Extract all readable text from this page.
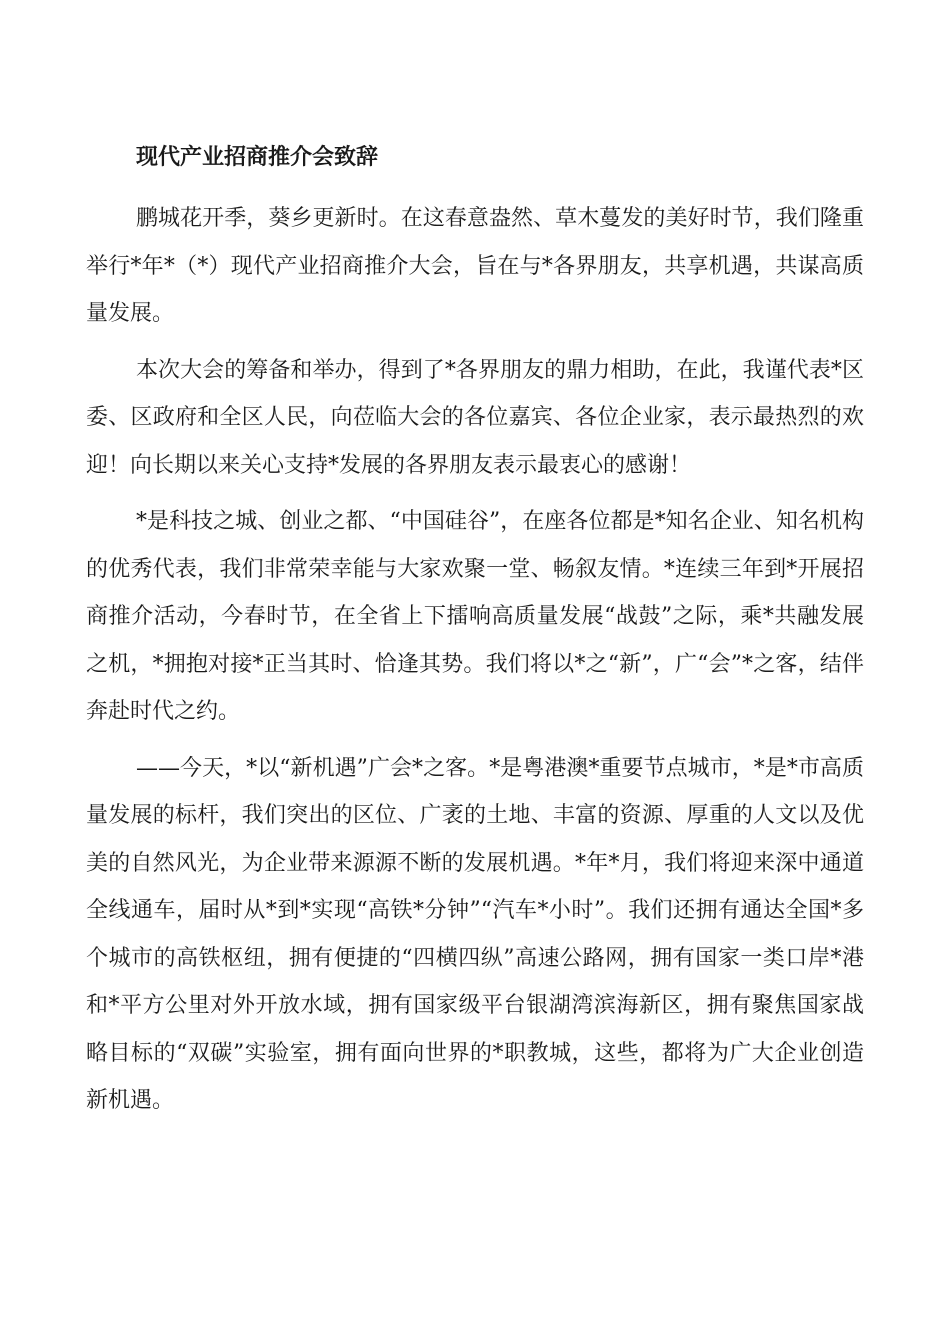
现代产业招商推介会致辞

鹏城花开季，葵乡更新时。在这春意盎然、草木蔓发的美好时节，我们隆重举行*年*（*）现代产业招商推介大会，旨在与*各界朋友，共享机遇，共谋高质量发展。

本次大会的筹备和举办，得到了*各界朋友的鼎力相助，在此，我谨代表*区委、区政府和全区人民，向莅临大会的各位嘉宾、各位企业家，表示最热烈的欢迎！向长期以来关心支持*发展的各界朋友表示最衷心的感谢！

*是科技之城、创业之都、“中国硅谷”，在座各位都是*知名企业、知名机构的优秀代表，我们非常荣幸能与大家欢聚一堂、畅叙友情。*连续三年到*开展招商推介活动，今春时节，在全省上下擂响高质量发展“战鼓”之际，乘*共融发展之机，*拥抱对接*正当其时、恰逢其势。我们将以*之“新”，广“会”*之客，结伴奔赴时代之约。

——今天，*以“新机遇”广会*之客。*是粤港澳*重要节点城市，*是*市高质量发展的标杆，我们突出的区位、广袤的土地、丰富的资源、厚重的人文以及优美的自然风光，为企业带来源源不断的发展机遇。*年*月，我们将迎来深中通道全线通车，届时从*到*实现“高铁*分钟”“汽车*小时”。我们还拥有通达全国*多个城市的高铁枢纽，拥有便捷的“四横四纵”高速公路网，拥有国家一类口岸*港和*平方公里对外开放水域，拥有国家级平台银湖湾滨海新区，拥有聚焦国家战略目标的“双碳”实验室，拥有面向世界的*职教城，这些，都将为广大企业创造新机遇。
